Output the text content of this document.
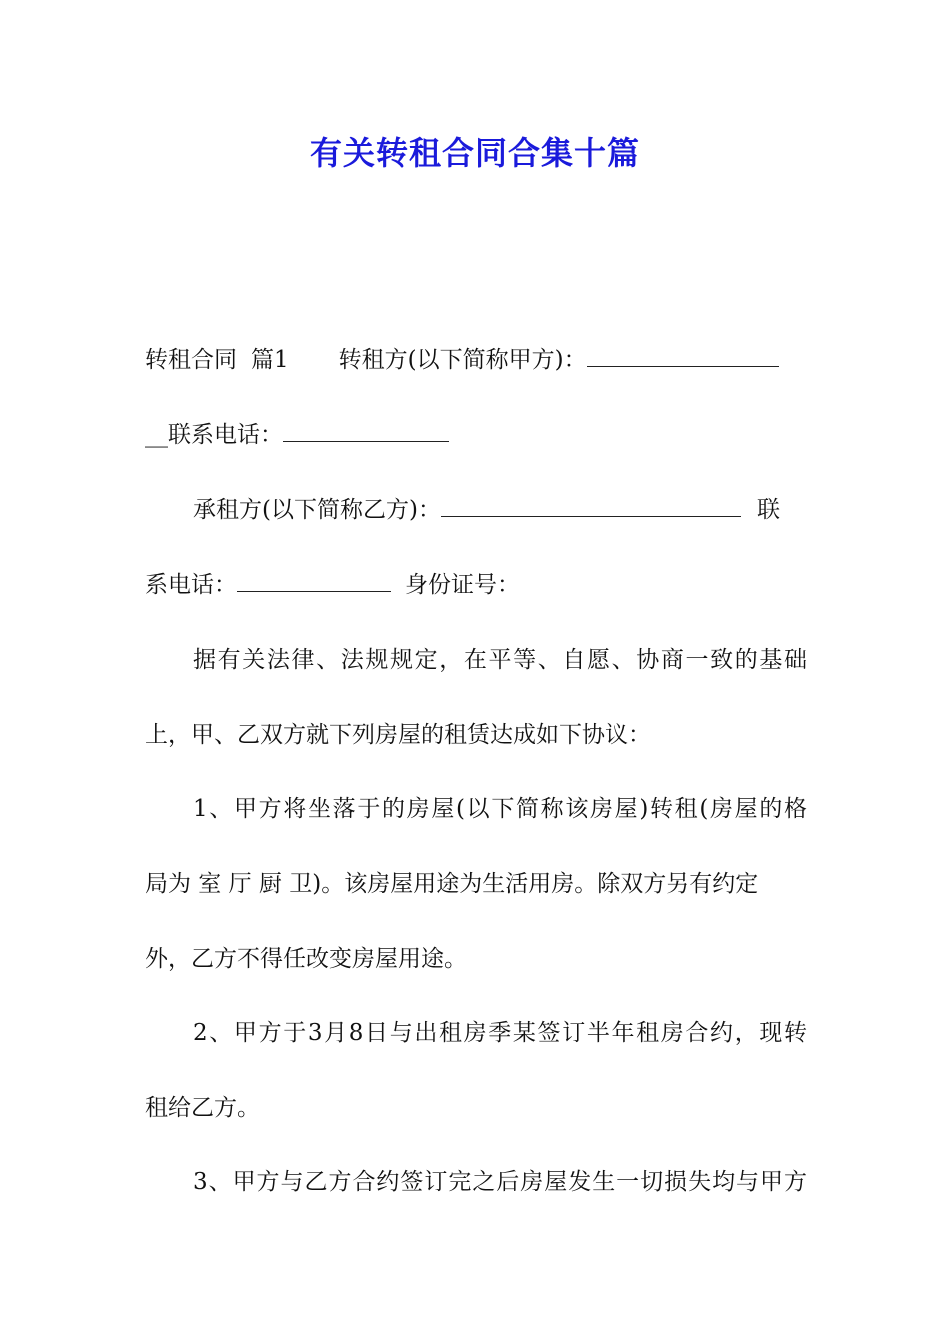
有关转租合同合集十篇
转租合同 篇1 转租方(以下简称甲方)：
__联系电话：
承租方(以下简称乙方)：	联
系电话：	身份证号：
据有关法律、法规规定，在平等、自愿、协商一致的基础
上，甲、乙双方就下列房屋的租赁达成如下协议：
1、甲方将坐落于的房屋(以下简称该房屋)转租(房屋的格
局为 室 厅 厨 卫)。该房屋用途为生活用房。除双方另有约定
外，乙方不得任改变房屋用途。
2、甲方于3月8日与出租房季某签订半年租房合约，现转
租给乙方。
3、甲方与乙方合约签订完之后房屋发生一切损失均与甲方
